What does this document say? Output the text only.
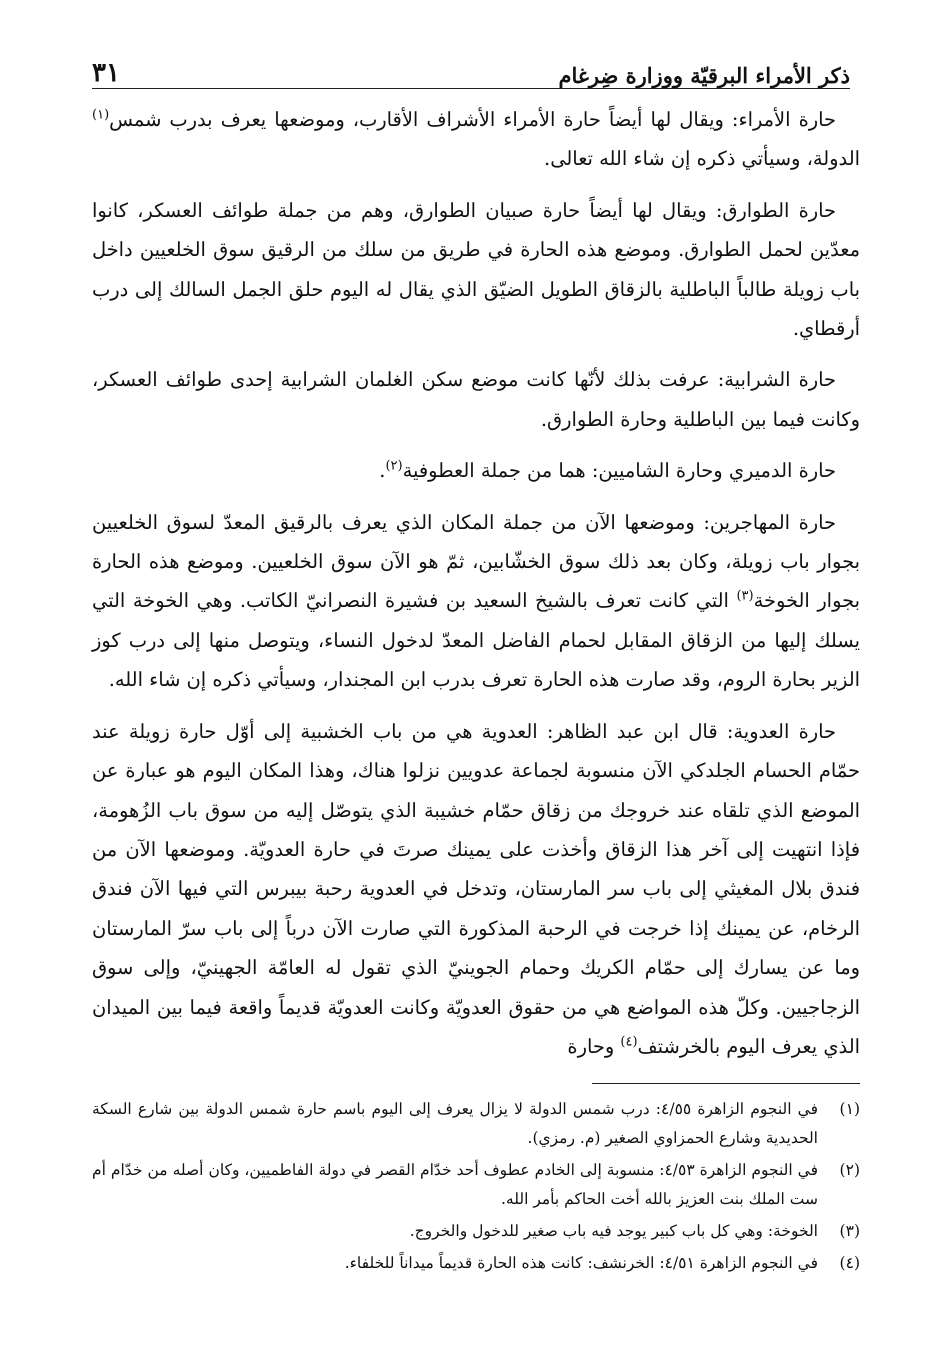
ذكر الأمراء البرقيّة ووزارة ضِرغام
٣١

حارة الأمراء: ويقال لها أيضاً حارة الأمراء الأشراف الأقارب، وموضعها يعرف بدرب شمس$^{(١)}$ الدولة، وسيأتي ذكره إن شاء الله تعالى.

حارة الطوارق: ويقال لها أيضاً حارة صبيان الطوارق، وهم من جملة طوائف العسكر، كانوا معدّين لحمل الطوارق. وموضع هذه الحارة في طريق من سلك من الرقيق سوق الخلعيين داخل باب زويلة طالباً الباطلية بالزقاق الطويل الضيّق الذي يقال له اليوم حلق الجمل السالك إلى درب أرقطاي.

حارة الشرابية: عرفت بذلك لأنّها كانت موضع سكن الغلمان الشرابية إحدى طوائف العسكر، وكانت فيما بين الباطلية وحارة الطوارق.

حارة الدميري وحارة الشاميين: هما من جملة العطوفية$^{(٢)}$.

حارة المهاجرين: وموضعها الآن من جملة المكان الذي يعرف بالرقيق المعدّ لسوق الخلعيين بجوار باب زويلة، وكان بعد ذلك سوق الخشّابين، ثمّ هو الآن سوق الخلعيين. وموضع هذه الحارة بجوار الخوخة$^{(٣)}$ التي كانت تعرف بالشيخ السعيد بن فشيرة النصرانيّ الكاتب. وهي الخوخة التي يسلك إليها من الزقاق المقابل لحمام الفاضل المعدّ لدخول النساء، ويتوصل منها إلى درب كوز الزير بحارة الروم، وقد صارت هذه الحارة تعرف بدرب ابن المجندار، وسيأتي ذكره إن شاء الله.

حارة العدوية: قال ابن عبد الظاهر: العدوية هي من باب الخشبية إلى أوّل حارة زويلة عند حمّام الحسام الجلدكي الآن منسوبة لجماعة عدويين نزلوا هناك، وهذا المكان اليوم هو عبارة عن الموضع الذي تلقاه عند خروجك من زقاق حمّام خشيبة الذي يتوصّل إليه من سوق باب الزُهومة، فإذا انتهيت إلى آخر هذا الزقاق وأخذت على يمينك صرتَ في حارة العدويّة. وموضعها الآن من فندق بلال المغيثي إلى باب سر المارستان، وتدخل في العدوية رحبة بيبرس التي فيها الآن فندق الرخام، عن يمينك إذا خرجت في الرحبة المذكورة التي صارت الآن درباً إلى باب سرّ المارستان وما عن يسارك إلى حمّام الكريك وحمام الجوينيّ الذي تقول له العامّة الجهينيّ، وإلى سوق الزجاجيين. وكلّ هذه المواضع هي من حقوق العدويّة وكانت العدويّة قديماً واقعة فيما بين الميدان الذي يعرف اليوم بالخرشتف$^{(٤)}$ وحارة

(١)
في النجوم الزاهرة ٤/٥٥: درب شمس الدولة لا يزال يعرف إلى اليوم باسم حارة شمس الدولة بين شارع السكة الحديدية وشارع الحمزاوي الصغير (م. رمزي).
(٢)
في النجوم الزاهرة ٤/٥٣: منسوبة إلى الخادم عطوف أحد خدّام القصر في دولة الفاطميين، وكان أصله من خدّام أم ست الملك بنت العزيز بالله أخت الحاكم بأمر الله.
(٣)
الخوخة: وهي كل باب كبير يوجد فيه باب صغير للدخول والخروج.
(٤)
في النجوم الزاهرة ٤/٥١: الخرنشف: كانت هذه الحارة قديماً ميداناً للخلفاء.
